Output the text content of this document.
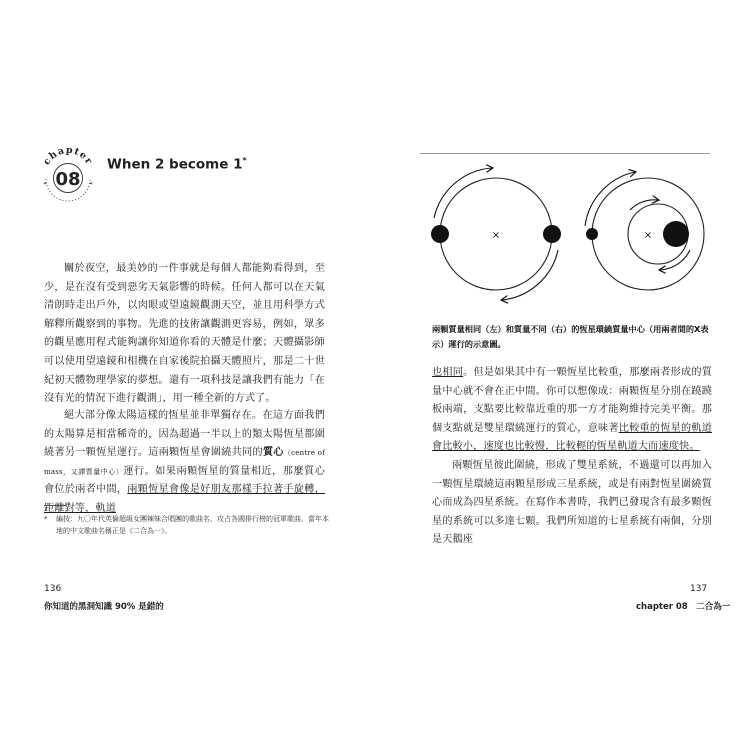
chapter
08
✦	✦
When 2 become 1*

關於夜空，最美妙的一件事就是每個人都能夠看得到，至少，是在沒有受到惡劣天氣影響的時候。任何人都可以在天氣清朗時走出戶外，以肉眼或望遠鏡觀測天空，並且用科學方式解釋所觀察到的事物。先進的技術讓觀測更容易，例如，眾多的觀星應用程式能夠讓你知道你看的天體是什麼；天體攝影師可以使用望遠鏡和相機在自家後院拍攝天體照片，那是二十世紀初天體物理學家的夢想。還有一項科技是讓我們有能力「在沒有光的情況下進行觀測」，用一種全新的方式了。

絕大部分像太陽這樣的恆星並非單獨存在。在這方面我們的太陽算是相當稀奇的，因為超過一半以上的類太陽恆星都圍繞著另一顆恆星運行。這兩顆恆星會圍繞共同的質心（centre of mass，又譯質量中心）運行。如果兩顆恆星的質量相近，那麼質心會位於兩者中間，兩顆恆星會像是好朋友那樣手拉著手旋轉，距離對等，軌道

* 編按：九〇年代英倫超級女團辣妹合唱團的歌曲名，攻占各國排行榜的冠軍歌曲，當年本地的中文歌曲名稱正是《二合為一》。
136
你知道的黑洞知識 90% 是錯的
×	×
兩顆質量相同（左）和質量不同（右）的恆星環繞質量中心（用兩者間的X表示）運行的示意圖。

也相同。但是如果其中有一顆恆星比較重，那麼兩者形成的質量中心就不會在正中間。你可以想像成：兩顆恆星分別在蹺蹺板兩端，支點要比較靠近重的那一方才能夠維持完美平衡。那個支點就是雙星環繞運行的質心，意味著比較重的恆星的軌道會比較小，速度也比較慢，比較輕的恆星軌道大而速度快。

兩顆恆星彼此圍繞，形成了雙星系統，不過還可以再加入一顆恆星環繞這兩顆星形成三星系統，或是有兩對恆星圍繞質心而成為四星系統。在寫作本書時，我們已發現含有最多顆恆星的系統可以多達七顆。我們所知道的七星系統有兩個，分別是天鵝座

137
chapter 08　二合為一
